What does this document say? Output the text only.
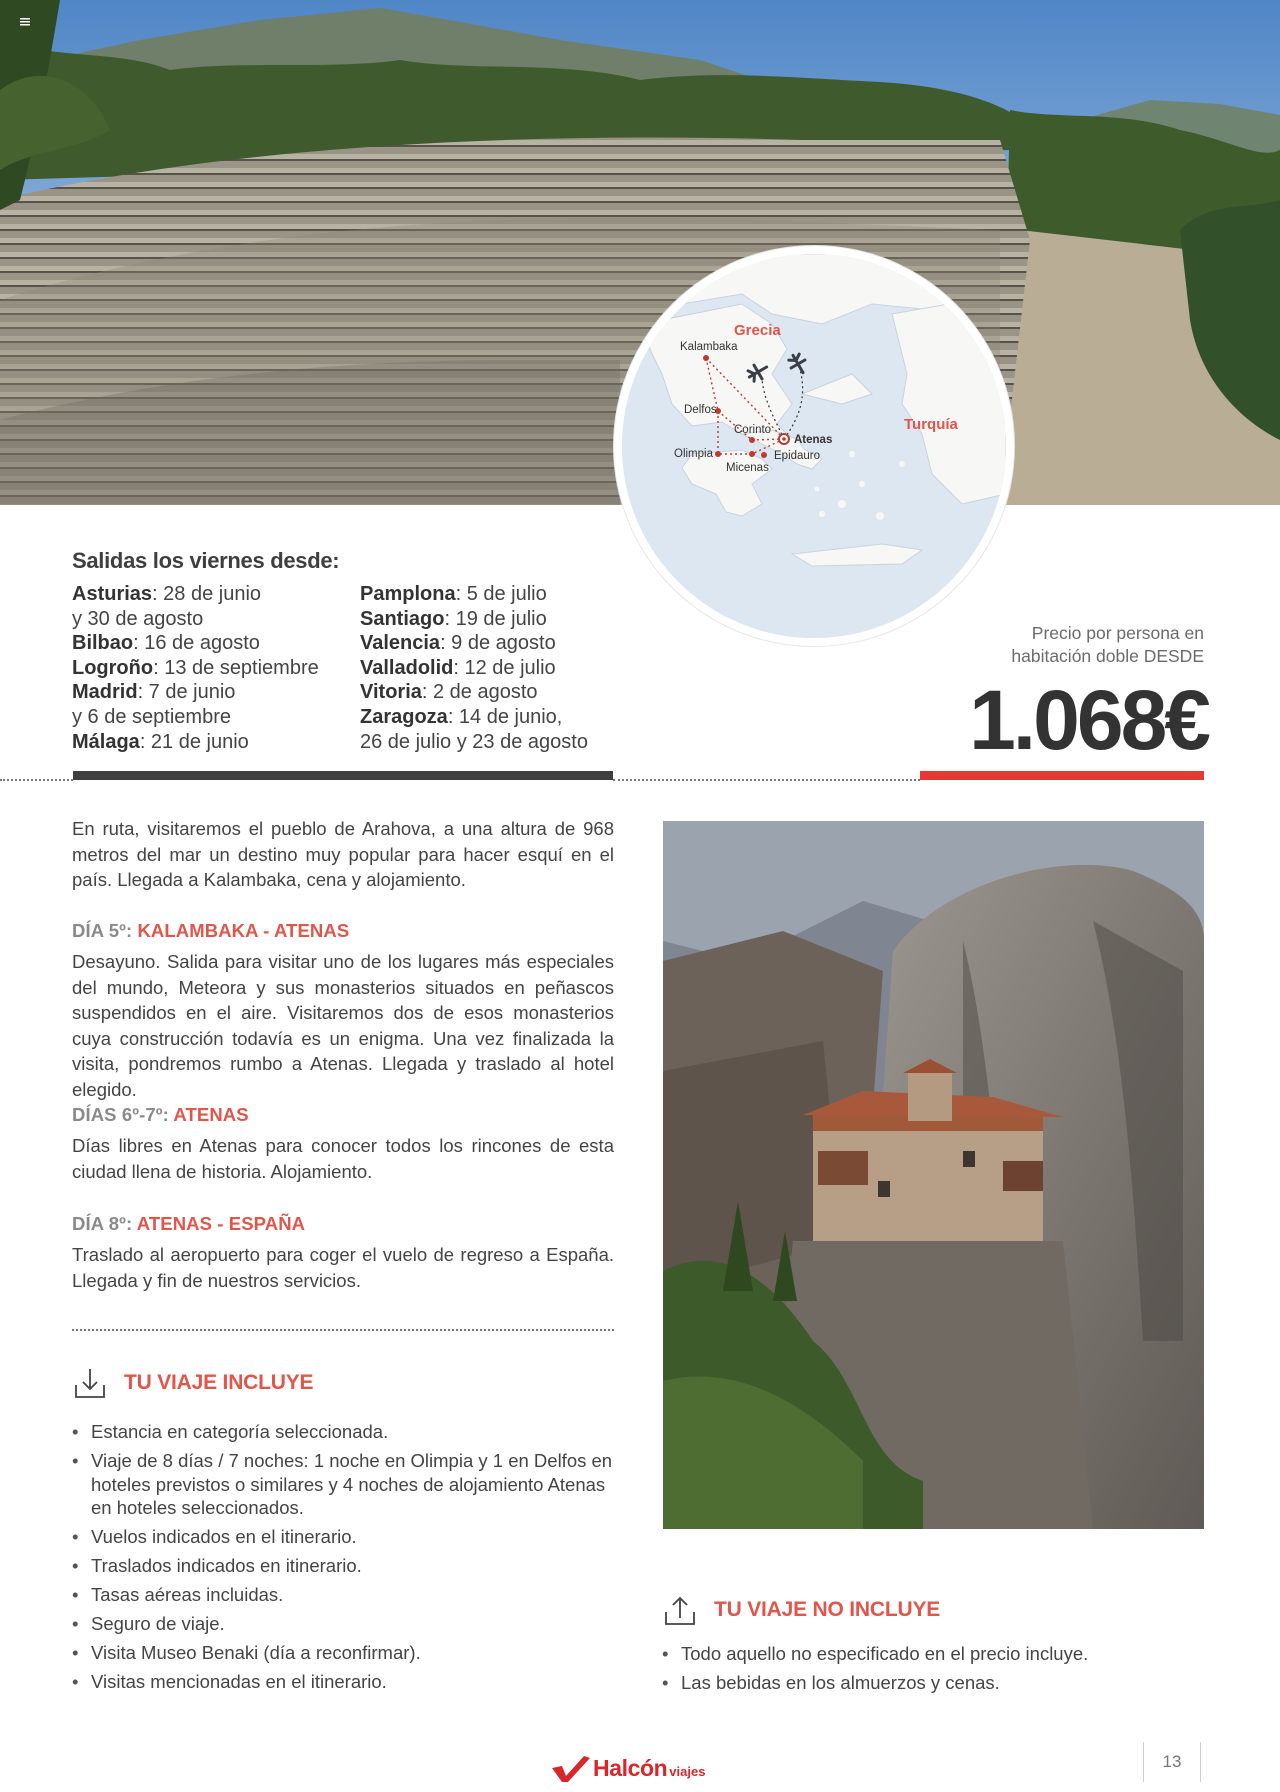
Grecia
Turquía
Kalambaka
Delfos
Corinto
Atenas
Olimpia
Micenas
Epidauro
Salidas los viernes desde:
Asturias: 28 de junio
y 30 de agosto
Bilbao: 16 de agosto
Logroño: 13 de septiembre
Madrid: 7 de junio
y 6 de septiembre
Málaga: 21 de junio
Pamplona: 5 de julio
Santiago: 19 de julio
Valencia: 9 de agosto
Valladolid: 12 de julio
Vitoria: 2 de agosto
Zaragoza: 14 de junio,
26 de julio y 23 de agosto
Precio por persona en
habitación doble DESDE
1.068€
En ruta, visitaremos el pueblo de Arahova, a una altura de 968 metros del mar un destino muy popular para hacer esquí en el país. Llegada a Kalambaka, cena y alojamiento.
DÍA 5º: KALAMBAKA - ATENAS
Desayuno. Salida para visitar uno de los lugares más especiales del mundo, Meteora y sus monasterios situados en peñascos suspendidos en el aire. Visitaremos dos de esos monasterios cuya construcción todavía es un enigma. Una vez finalizada la visita, pondremos rumbo a Atenas. Llegada y traslado al hotel elegido.
DÍAS 6º-7º: ATENAS
Días libres en Atenas para conocer todos los rincones de esta ciudad llena de historia. Alojamiento.
DÍA 8º: ATENAS - ESPAÑA
Traslado al aeropuerto para coger el vuelo de regreso a España. Llegada y fin de nuestros servicios.
TU VIAJE INCLUYE
• Estancia en categoría seleccionada.
• Viaje de 8 días / 7 noches: 1 noche en Olimpia y 1 en Delfos en hoteles previstos o similares y 4 noches de alojamiento Atenas en hoteles seleccionados.
• Vuelos indicados en el itinerario.
• Traslados indicados en itinerario.
• Tasas aéreas incluidas.
• Seguro de viaje.
• Visita Museo Benaki (día a reconfirmar).
• Visitas mencionadas en el itinerario.
TU VIAJE NO INCLUYE
• Todo aquello no especificado en el precio incluye.
• Las bebidas en los almuerzos y cenas.
Halcón viajes
13
